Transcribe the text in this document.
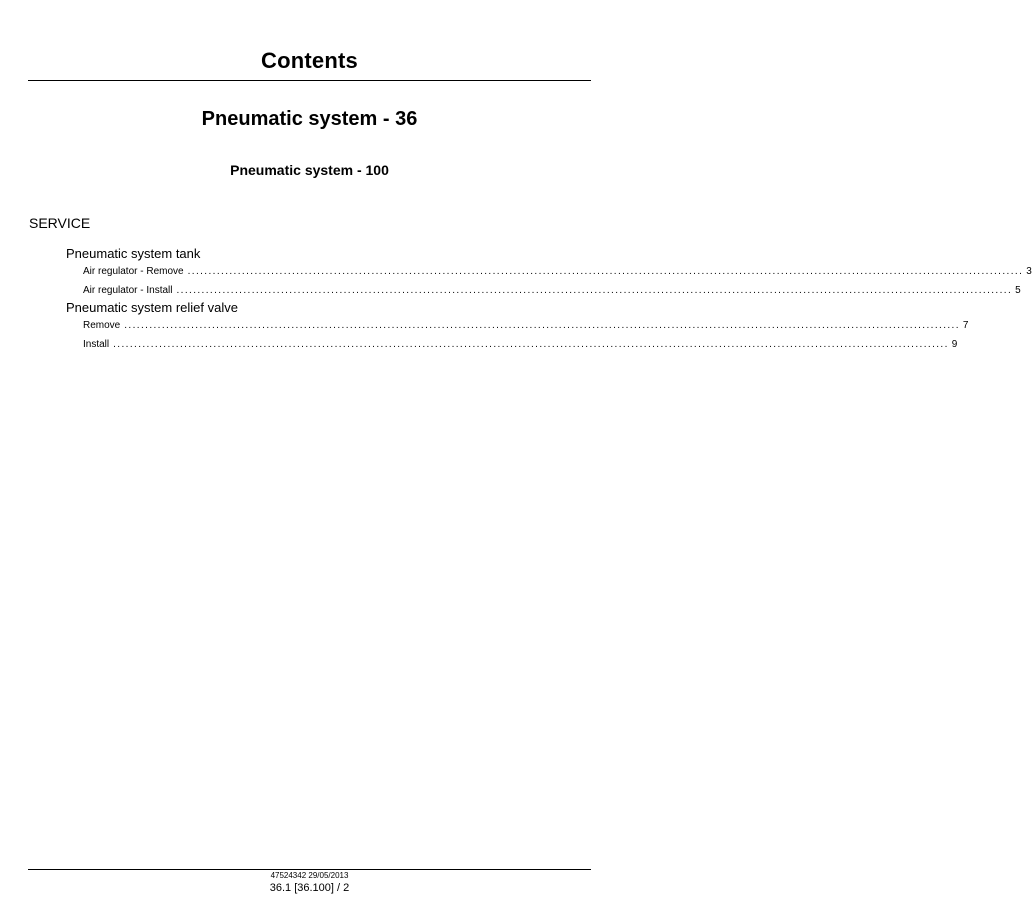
Contents
Pneumatic system - 36
Pneumatic system - 100
SERVICE
Pneumatic system tank
Air regulator - Remove ........................................................................................................................................................................................................ 3
Air regulator - Install ........................................................................................................................................................................................................ 5
Pneumatic system relief valve
Remove ........................................................................................................................................................................................................ 7
Install ........................................................................................................................................................................................................ 9
47524342 29/05/2013
36.1 [36.100] / 2
